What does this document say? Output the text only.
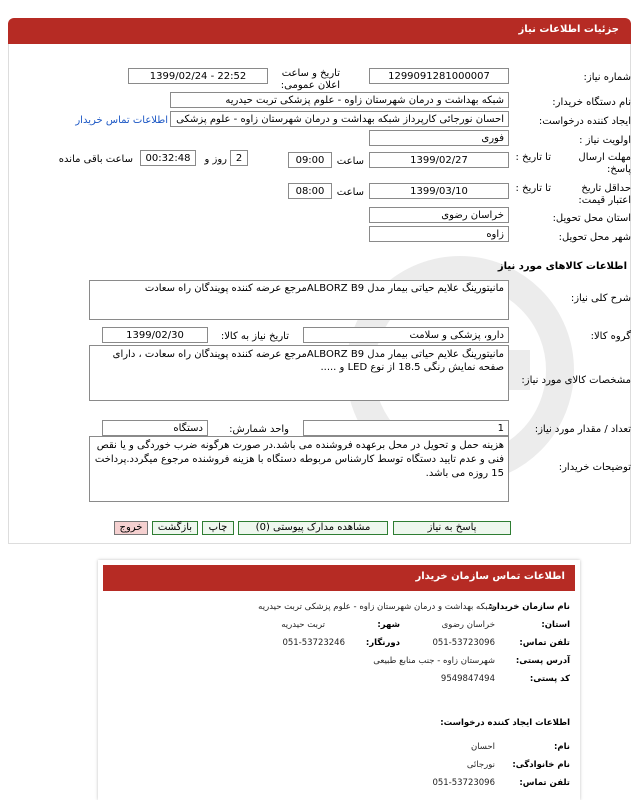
جزئیات اطلاعات نیاز
شماره نیاز:
1299091281000007
تاریخ و ساعت اعلان عمومی:
1399/02/24 - 22:52
نام دستگاه خریدار:
شبکه بهداشت و درمان شهرستان زاوه - علوم پزشکی تربت حیدریه
ایجاد کننده درخواست:
احسان نورجائی کارپرداز شبکه بهداشت و درمان شهرستان زاوه - علوم پزشکی
اطلاعات تماس خریدار
اولویت نیاز :
فوری
مهلت ارسال پاسخ:
تا تاریخ :
1399/02/27
ساعت
09:00
2
روز و
00:32:48
ساعت باقی مانده
حداقل تاریخ اعتبار قیمت:
تا تاریخ :
1399/03/10
ساعت
08:00
استان محل تحویل:
خراسان رضوی
شهر محل تحویل:
زاوه
اطلاعات کالاهای مورد نیاز
شرح کلی نیاز:
مانیتورینگ علایم حیاتی بیمار مدل ALBORZ B9مرجع عرضه کننده پویندگان راه سعادت
گروه کالا:
دارو، پزشکی و سلامت
تاریخ نیاز به کالا:
1399/02/30
مشخصات کالای مورد نیاز:
مانیتورینگ علایم حیاتی بیمار مدل ALBORZ B9مرجع عرضه کننده پویندگان راه سعادت ، دارای صفحه نمایش رنگی 18.5 از نوع LED و .....
تعداد / مقدار مورد نیاز:
1
واحد شمارش:
دستگاه
توضیحات خریدار:
هزینه حمل و تحویل در محل برعهده فروشنده می باشد.در صورت هرگونه ضرب خوردگی و یا نقص فنی و عدم تایید دستگاه توسط کارشناس مربوطه دستگاه با هزینه فروشنده مرجوع میگردد.پرداخت 15 روزه می باشد.
پاسخ به نیاز
مشاهده مدارک پیوستی (0)
چاپ
بازگشت
خروج
اطلاعات تماس سازمان خریدار
نام سازمان خریدار:
شبکه بهداشت و درمان شهرستان زاوه - علوم پزشکی تربت حیدریه
استان:
خراسان رضوی
شهر:
تربت حیدریه
تلفن تماس:
051-53723096
دورنگار:
051-53723246
آدرس پستی:
شهرستان زاوه - جنب منابع طبیعی
کد پستی:
9549847494
اطلاعات ایجاد کننده درخواست:
نام:
احسان
نام خانوادگی:
نورجائی
تلفن تماس:
051-53723096
